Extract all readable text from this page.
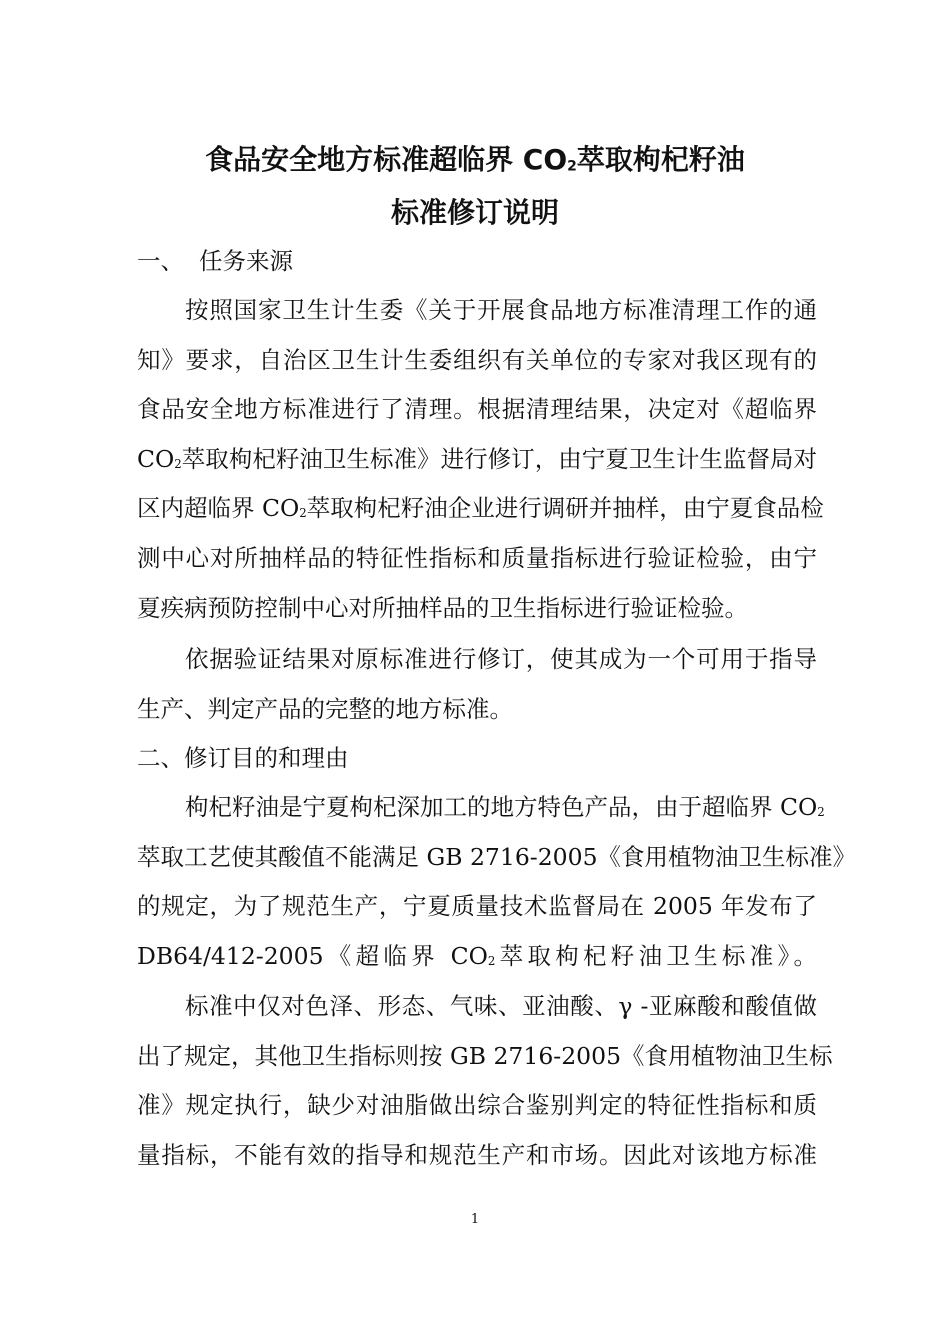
食品安全地方标准超临界 $CO_2$萃取枸杞籽油
标准修订说明
一、  任务来源
按照国家卫生计生委《关于开展食品地方标准清理工作的通
知》要求，自治区卫生计生委组织有关单位的专家对我区现有的
食品安全地方标准进行了清理。根据清理结果，决定对《超临界
$CO_2$萃取枸杞籽油卫生标准》进行修订，由宁夏卫生计生监督局对
区内超临界 $CO_2$萃取枸杞籽油企业进行调研并抽样，由宁夏食品检
测中心对所抽样品的特征性指标和质量指标进行验证检验，由宁
夏疾病预防控制中心对所抽样品的卫生指标进行验证检验。
依据验证结果对原标准进行修订，使其成为一个可用于指导
生产、判定产品的完整的地方标准。
二、修订目的和理由
枸杞籽油是宁夏枸杞深加工的地方特色产品，由于超临界 $CO_2$
萃取工艺使其酸值不能满足 GB 2716-2005《食用植物油卫生标准》
的规定，为了规范生产，宁夏质量技术监督局在 2005 年发布了
DB64/412-2005《超临界 $CO_2$萃取枸杞籽油卫生标准》。
标准中仅对色泽、形态、气味、亚油酸、γ -亚麻酸和酸值做
出了规定，其他卫生指标则按 GB 2716-2005《食用植物油卫生标
准》规定执行，缺少对油脂做出综合鉴别判定的特征性指标和质
量指标，不能有效的指导和规范生产和市场。因此对该地方标准
1
